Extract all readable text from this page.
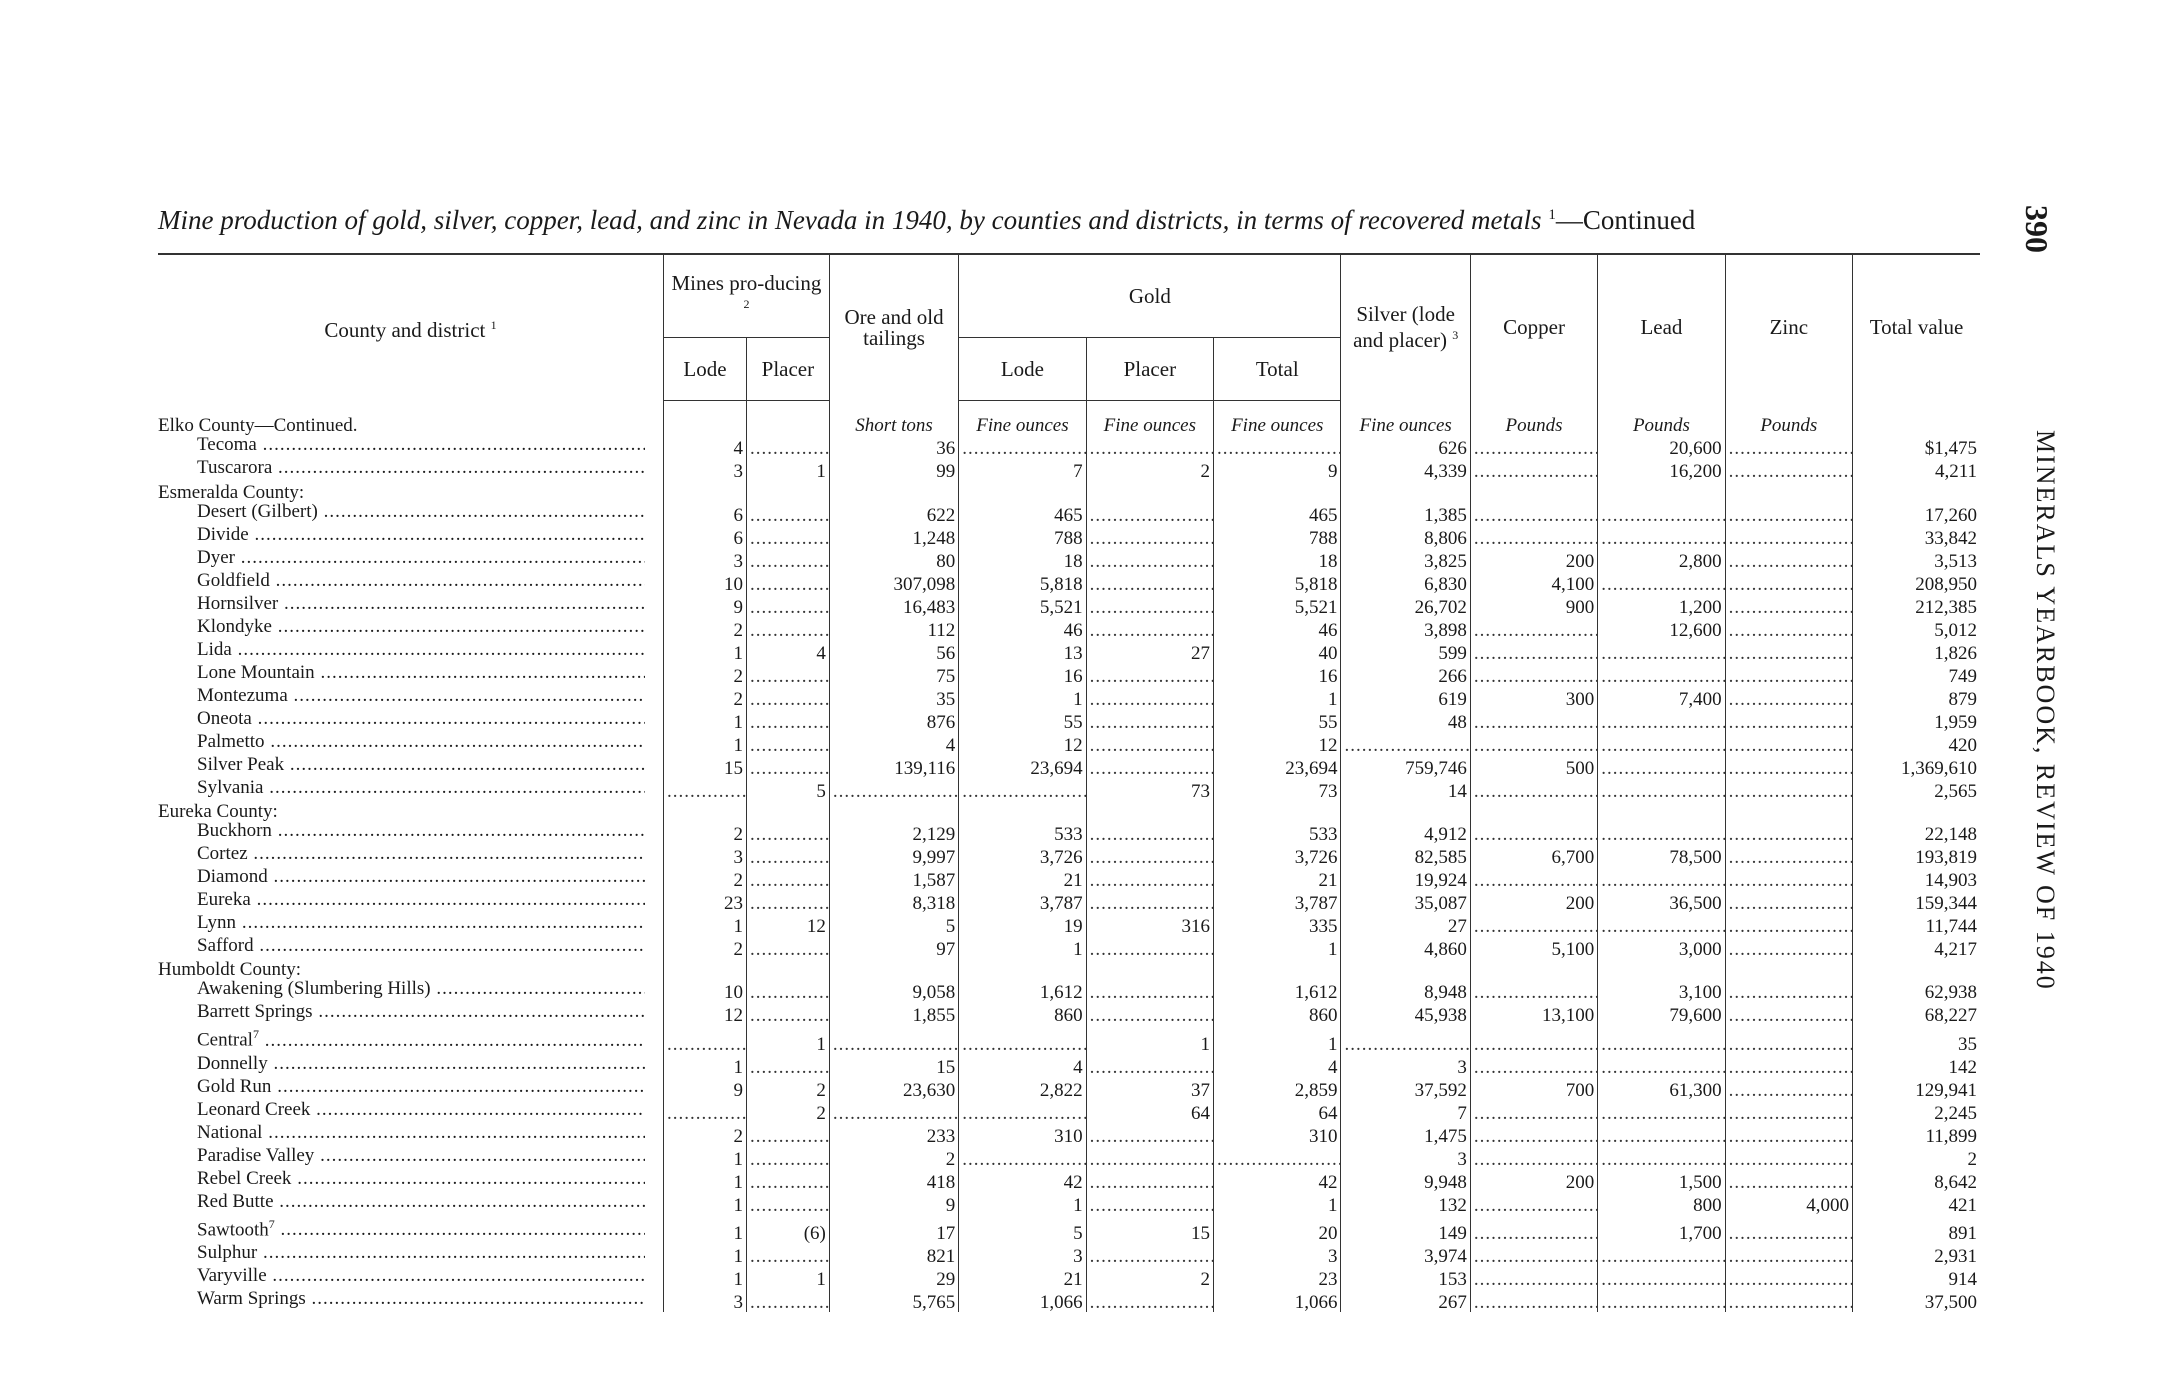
Mine production of gold, silver, copper, lead, and zinc in Nevada in 1940, by counties and districts, in terms of recovered metals $^1$—Continued	390
MINERALS YEARBOOK, REVIEW OF 1940
County and district $^1$	Mines pro-ducing $^2$		Ore and old tailings	Gold			Silver (lode and placer) $^3$	Copper	Lead	Zinc	Total value
	Lode	Placer		Lode	Placer	Total					
Elko County—Continued.			Short tons	Fine ounces	Fine ounces	Fine ounces	Fine ounces	Pounds	Pounds	Pounds	
Tecoma .....	4	.....	36	.....	.....	.....	626	.....	20,600	.....	$1,475
Tuscarora .....	3	1	99	7	2	9	4,339	.....	16,200	.....	4,211
Esmeralda County:											
Desert (Gilbert) .....	6	.....	622	465	.....	465	1,385	.....	.....	.....	17,260
Divide .....	6	.....	1,248	788	.....	788	8,806	.....	.....	.....	33,842
Dyer .....	3	.....	80	18	.....	18	3,825	200	2,800	.....	3,513
Goldfield .....	10	.....	307,098	5,818	.....	5,818	6,830	4,100	.....	.....	208,950
Hornsilver .....	9	.....	16,483	5,521	.....	5,521	26,702	900	1,200	.....	212,385
Klondyke .....	2	.....	112	46	.....	46	3,898	.....	12,600	.....	5,012
Lida .....	1	4	56	13	27	40	599	.....	.....	.....	1,826
Lone Mountain .....	2	.....	75	16	.....	16	266	.....	.....	.....	749
Montezuma .....	2	.....	35	1	.....	1	619	300	7,400	.....	879
Oneota .....	1	.....	876	55	.....	55	48	.....	.....	.....	1,959
Palmetto .....	1	.....	4	12	.....	12	.....	.....	.....	.....	420
Silver Peak .....	15	.....	139,116	23,694	.....	23,694	759,746	500	.....	.....	1,369,610
Sylvania .....	.....	5	.....	.....	73	73	14	.....	.....	.....	2,565
Eureka County:											
Buckhorn .....	2	.....	2,129	533	.....	533	4,912	.....	.....	.....	22,148
Cortez .....	3	.....	9,997	3,726	.....	3,726	82,585	6,700	78,500	.....	193,819
Diamond .....	2	.....	1,587	21	.....	21	19,924	.....	.....	.....	14,903
Eureka .....	23	.....	8,318	3,787	.....	3,787	35,087	200	36,500	.....	159,344
Lynn .....	1	12	5	19	316	335	27	.....	.....	.....	11,744
Safford .....	2	.....	97	1	.....	1	4,860	5,100	3,000	.....	4,217
Humboldt County:											
Awakening (Slumbering Hills) .....	10	.....	9,058	1,612	.....	1,612	8,948	.....	3,100	.....	62,938
Barrett Springs .....	12	.....	1,855	860	.....	860	45,938	13,100	79,600	.....	68,227
Central$^7$ .....	.....	1	.....	.....	1	1	.....	.....	.....	.....	35
Donnelly .....	1	.....	15	4	.....	4	3	.....	.....	.....	142
Gold Run .....	9	2	23,630	2,822	37	2,859	37,592	700	61,300	.....	129,941
Leonard Creek .....	.....	2	.....	.....	64	64	7	.....	.....	.....	2,245
National .....	2	.....	233	310	.....	310	1,475	.....	.....	.....	11,899
Paradise Valley .....	1	.....	2	.....	.....	.....	3	.....	.....	.....	2
Rebel Creek .....	1	.....	418	42	.....	42	9,948	200	1,500	.....	8,642
Red Butte .....	1	.....	9	1	.....	1	132	.....	800	4,000	421
Sawtooth$^7$ .....	1	(6)	17	5	15	20	149	.....	1,700	.....	891
Sulphur .....	1	.....	821	3	.....	3	3,974	.....	.....	.....	2,931
Varyville .....	1	1	29	21	2	23	153	.....	.....	.....	914
Warm Springs .....	3	.....	5,765	1,066	.....	1,066	267	.....	.....	.....	37,500
